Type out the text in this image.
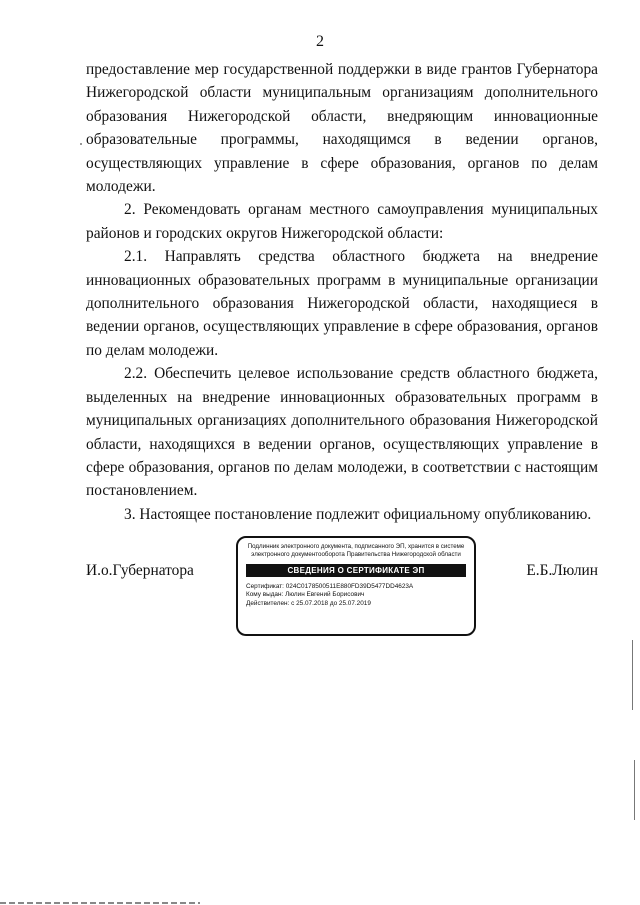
2

предоставление мер государственной поддержки в виде грантов Губернатора Нижегородской области муниципальным организациям дополнительного образования Нижегородской области, внедряющим инновационные образовательные программы, находящимся в ведении органов, осуществляющих управление в сфере образования, органов по делам молодежи.

2. Рекомендовать органам местного самоуправления муниципальных районов и городских округов Нижегородской области:

2.1. Направлять средства областного бюджета на внедрение инновационных образовательных программ в муниципальные организации дополнительного образования Нижегородской области, находящиеся в ведении органов, осуществляющих управление в сфере образования, органов по делам молодежи.

2.2. Обеспечить целевое использование средств областного бюджета, выделенных на внедрение инновационных образовательных программ в муниципальных организациях дополнительного образования Нижегородской области, находящихся в ведении органов, осуществляющих управление в сфере образования, органов по делам молодежи, в соответствии с настоящим постановлением.

3. Настоящее постановление подлежит официальному опубликованию.

И.о.Губернатора	Е.Б.Люлин
Подлинник электронного документа, подписанного ЭП, хранится в системе электронного документооборота Правительства Нижегородской области
СВЕДЕНИЯ О СЕРТИФИКАТЕ ЭП
Сертификат: 024C0178500511E880FD39D5477DD4623A
Кому выдан: Люлин Евгений Борисович
Действителен: с 25.07.2018 до 25.07.2019
